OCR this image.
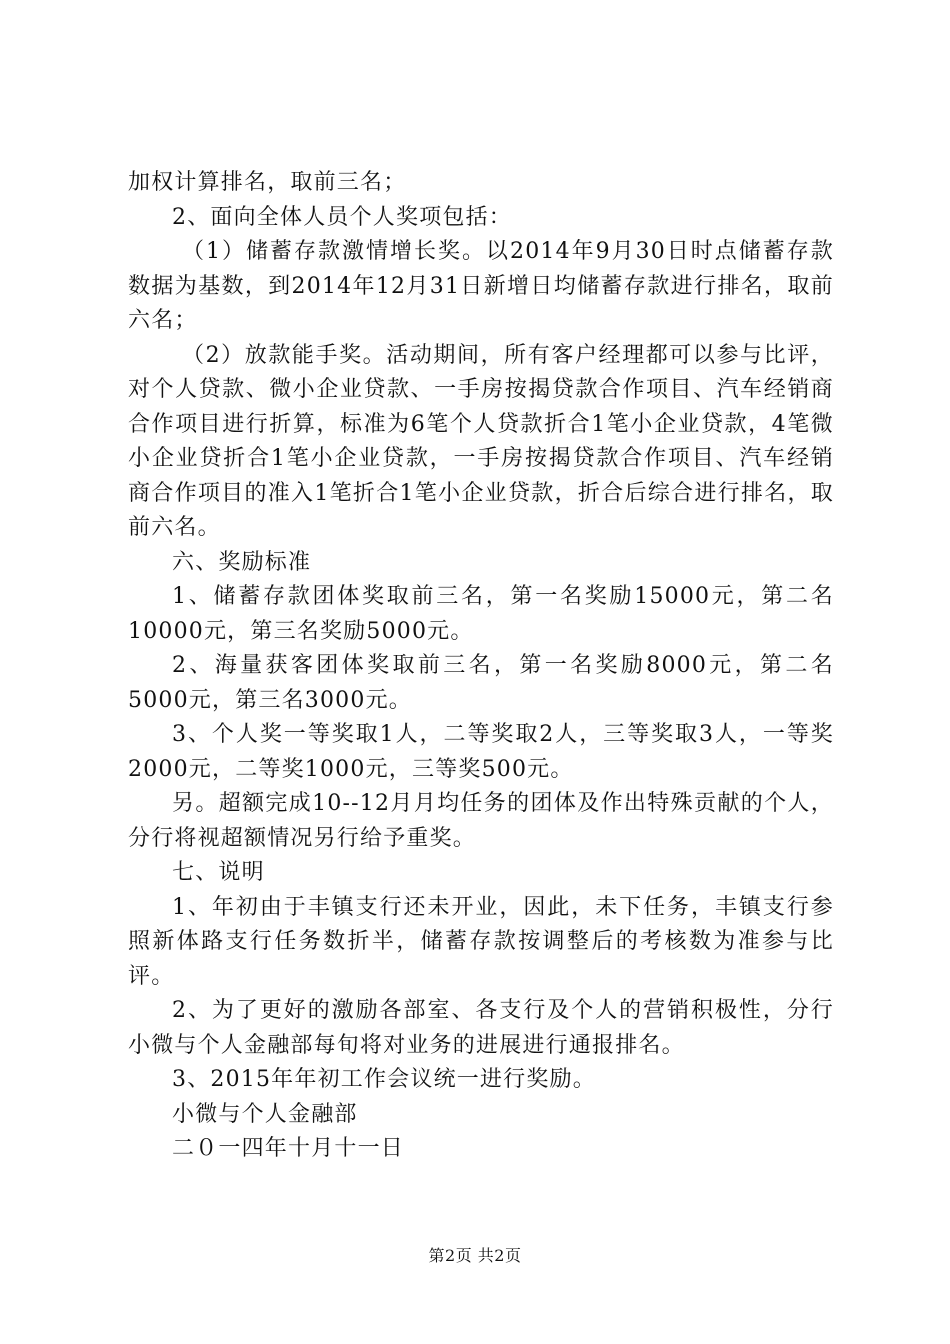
加权计算排名，取前三名；

2、面向全体人员个人奖项包括：

（1）储蓄存款激情增长奖。以2014年9月30日时点储蓄存款数据为基数，到2014年12月31日新增日均储蓄存款进行排名，取前六名；

（2）放款能手奖。活动期间，所有客户经理都可以参与比评，对个人贷款、微小企业贷款、一手房按揭贷款合作项目、汽车经销商合作项目进行折算，标准为6笔个人贷款折合1笔小企业贷款，4笔微小企业贷折合1笔小企业贷款，一手房按揭贷款合作项目、汽车经销商合作项目的准入1笔折合1笔小企业贷款，折合后综合进行排名，取前六名。

六、奖励标准

1、储蓄存款团体奖取前三名，第一名奖励15000元，第二名10000元，第三名奖励5000元。

2、海量获客团体奖取前三名，第一名奖励8000元，第二名5000元，第三名3000元。

3、个人奖一等奖取1人，二等奖取2人，三等奖取3人，一等奖2000元，二等奖1000元，三等奖500元。

另。超额完成10--12月月均任务的团体及作出特殊贡献的个人，分行将视超额情况另行给予重奖。

七、说明

1、年初由于丰镇支行还未开业，因此，未下任务，丰镇支行参照新体路支行任务数折半，储蓄存款按调整后的考核数为准参与比评。

2、为了更好的激励各部室、各支行及个人的营销积极性，分行小微与个人金融部每旬将对业务的进展进行通报排名。

3、2015年年初工作会议统一进行奖励。

小微与个人金融部

二０一四年十月十一日

第2页 共2页
